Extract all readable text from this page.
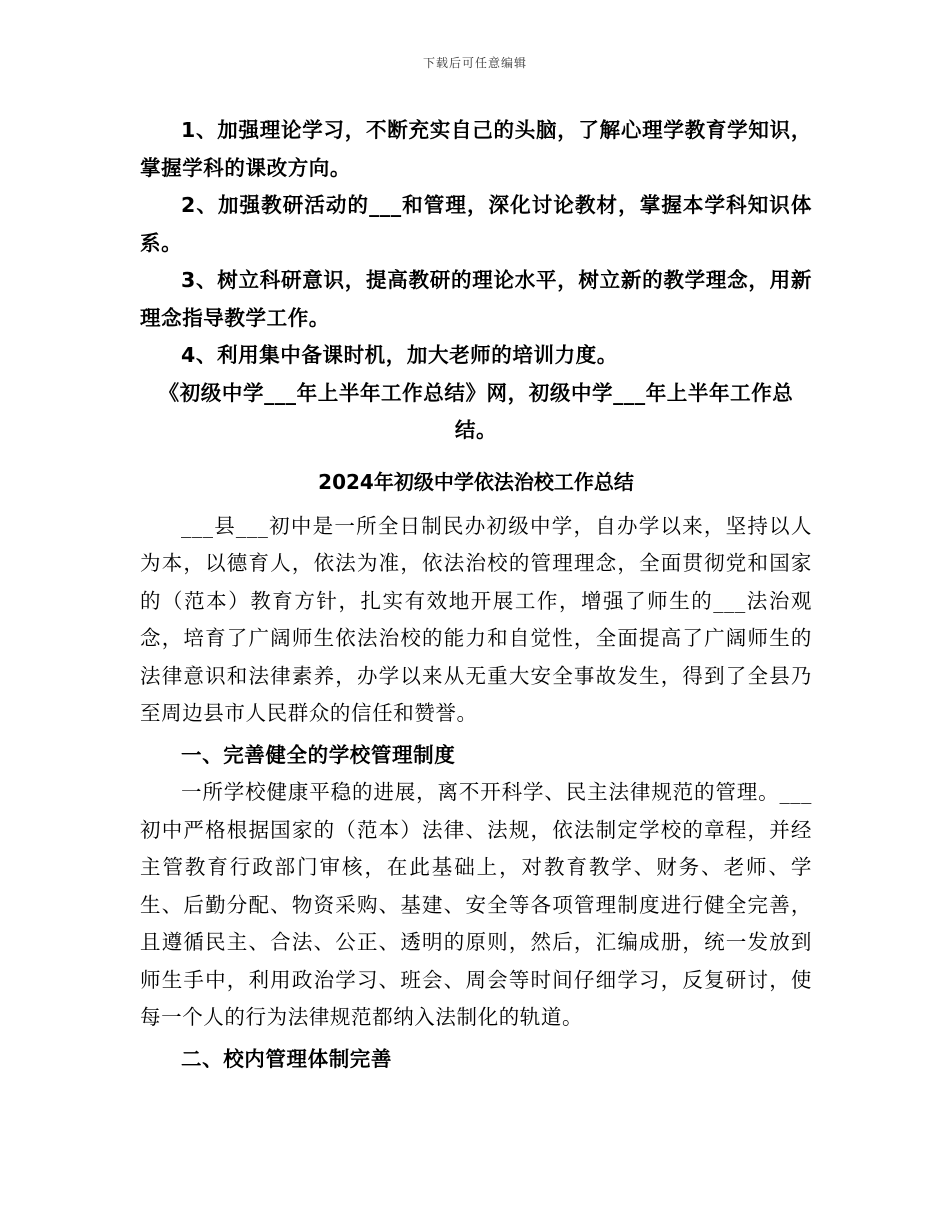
下载后可任意编辑

1、加强理论学习，不断充实自己的头脑，了解心理学教育学知识，掌握学科的课改方向。

2、加强教研活动的___和管理，深化讨论教材，掌握本学科知识体系。

3、树立科研意识，提高教研的理论水平，树立新的教学理念，用新理念指导教学工作。

4、利用集中备课时机，加大老师的培训力度。

《初级中学___年上半年工作总结》网，初级中学___年上半年工作总结。

2024年初级中学依法治校工作总结

___县___初中是一所全日制民办初级中学，自办学以来，坚持以人为本，以德育人，依法为准，依法治校的管理理念，全面贯彻党和国家的（范本）教育方针，扎实有效地开展工作，增强了师生的___法治观念，培育了广阔师生依法治校的能力和自觉性，全面提高了广阔师生的法律意识和法律素养，办学以来从无重大安全事故发生，得到了全县乃至周边县市人民群众的信任和赞誉。

一、完善健全的学校管理制度

一所学校健康平稳的进展，离不开科学、民主法律规范的管理。___初中严格根据国家的（范本）法律、法规，依法制定学校的章程，并经主管教育行政部门审核，在此基础上，对教育教学、财务、老师、学生、后勤分配、物资采购、基建、安全等各项管理制度进行健全完善，且遵循民主、合法、公正、透明的原则，然后，汇编成册，统一发放到师生手中，利用政治学习、班会、周会等时间仔细学习，反复研讨，使每一个人的行为法律规范都纳入法制化的轨道。

二、校内管理体制完善
